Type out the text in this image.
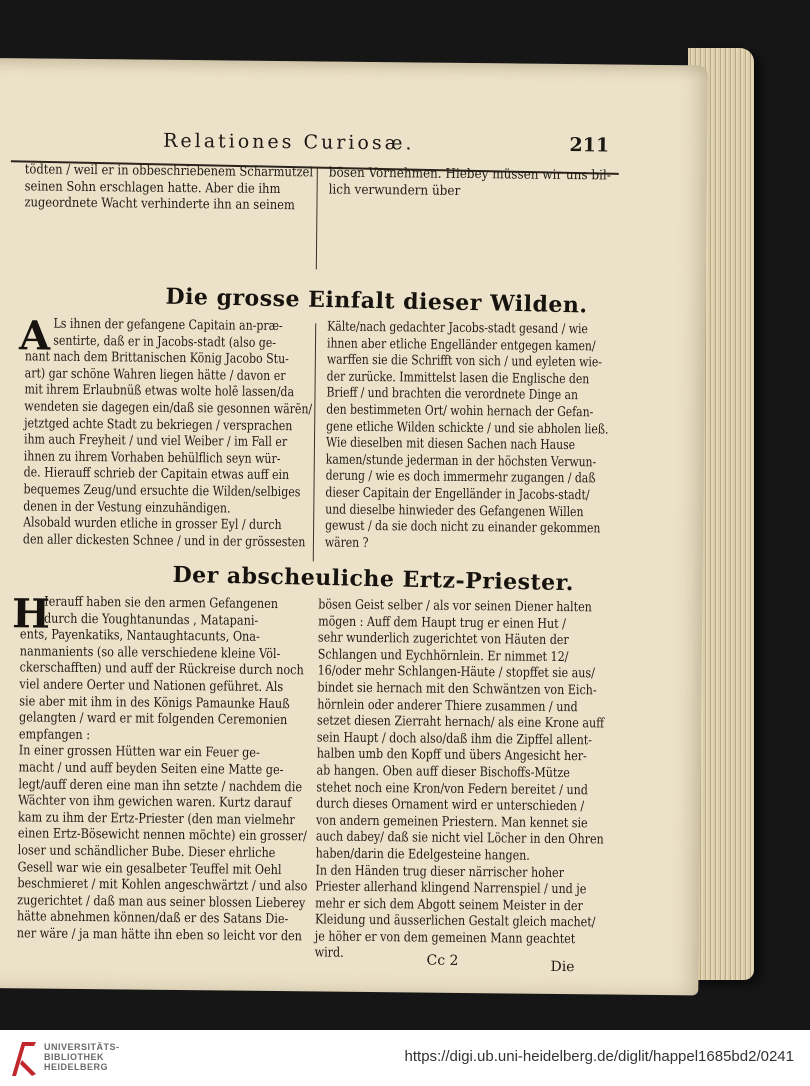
Relationes Curiosæ.	211
tödten / weil er in obbeschriebenem Scharmützel
seinen Sohn erschlagen hatte. Aber die ihm
zugeordnete Wacht verhinderte ihn an seinem
bösen Vornehmen. Hiebey müssen wir uns bil-
lich verwundern über
Die grosse Einfalt dieser Wilden.
A Ls ihnen der gefangene Capitain an-præ-
sentirte, daß er in Jacobs-stadt (also ge-
nant nach dem Brittanischen König Jacobo Stu-
art) gar schöne Wahren liegen hätte / davon er
mit ihrem Erlaubnüß etwas wolte holē lassen/da
wendeten sie dagegen ein/daß sie gesonnen wärēn/
jetztged achte Stadt zu bekriegen / versprachen
ihm auch Freyheit / und viel Weiber / im Fall er
ihnen zu ihrem Vorhaben behülflich seyn wür-
de. Hierauff schrieb der Capitain etwas auff ein
bequemes Zeug/und ersuchte die Wilden/selbiges
denen in der Vestung einzuhändigen.
Alsobald wurden etliche in grosser Eyl / durch
den aller dickesten Schnee / und in der grössesten
Kälte/nach gedachter Jacobs-stadt gesand / wie
ihnen aber etliche Engelländer entgegen kamen/
warffen sie die Schrifft von sich / und eyleten wie-
der zurücke. Immittelst lasen die Englische den
Brieff / und brachten die verordnete Dinge an
den bestimmeten Ort/ wohin hernach der Gefan-
gene etliche Wilden schickte / und sie abholen ließ.
Wie dieselben mit diesen Sachen nach Hause
kamen/stunde jederman in der höchsten Verwun-
derung / wie es doch immermehr zugangen / daß
dieser Capitain der Engelländer in Jacobs-stadt/
und dieselbe hinwieder des Gefangenen Willen
gewust / da sie doch nicht zu einander gekommen
wären ?
Der abscheuliche Ertz-Priester.
H
Ierauff haben sie den armen Gefangenen
durch die Youghtanundas , Matapani-
ents, Payenkatiks, Nantaughtacunts, Ona-
nanmanients (so alle verschiedene kleine Völ-
ckerschafften) und auff der Rückreise durch noch
viel andere Oerter und Nationen geführet. Als
sie aber mit ihm in des Königs Pamaunke Hauß
gelangten / ward er mit folgenden Ceremonien
empfangen :
In einer grossen Hütten war ein Feuer ge-
macht / und auff beyden Seiten eine Matte ge-
legt/auff deren eine man ihn setzte / nachdem die
Wächter von ihm gewichen waren. Kurtz darauf
kam zu ihm der Ertz-Priester (den man vielmehr
einen Ertz-Bösewicht nennen möchte) ein grosser/
loser und schändlicher Bube. Dieser ehrliche
Gesell war wie ein gesalbeter Teuffel mit Oehl
beschmieret / mit Kohlen angeschwärtzt / und also
zugerichtet / daß man aus seiner blossen Lieberey
hätte abnehmen können/daß er des Satans Die-
ner wäre / ja man hätte ihn eben so leicht vor den
bösen Geist selber / als vor seinen Diener halten
mögen : Auff dem Haupt trug er einen Hut /
sehr wunderlich zugerichtet von Häuten der
Schlangen und Eychhörnlein. Er nimmet 12/
16/oder mehr Schlangen-Häute / stopffet sie aus/
bindet sie hernach mit den Schwäntzen von Eich-
hörnlein oder anderer Thiere zusammen / und
setzet diesen Zierraht hernach/ als eine Krone auff
sein Haupt / doch also/daß ihm die Zipffel allent-
halben umb den Kopff und übers Angesicht her-
ab hangen. Oben auff dieser Bischoffs-Mütze
stehet noch eine Kron/von Federn bereitet / und
durch dieses Ornament wird er unterschieden /
von andern gemeinen Priestern. Man kennet sie
auch dabey/ daß sie nicht viel Löcher in den Ohren
haben/darin die Edelgesteine hangen.
In den Händen trug dieser närrischer hoher
Priester allerhand klingend Narrenspiel / und je
mehr er sich dem Abgott seinem Meister in der
Kleidung und äusserlichen Gestalt gleich machet/
je höher er von dem gemeinen Mann geachtet
wird.	Cc 2	Die
UNIVERSITÄTS-
BIBLIOTHEK
HEIDELBERG
https://digi.ub.uni-heidelberg.de/diglit/happel1685bd2/0241
